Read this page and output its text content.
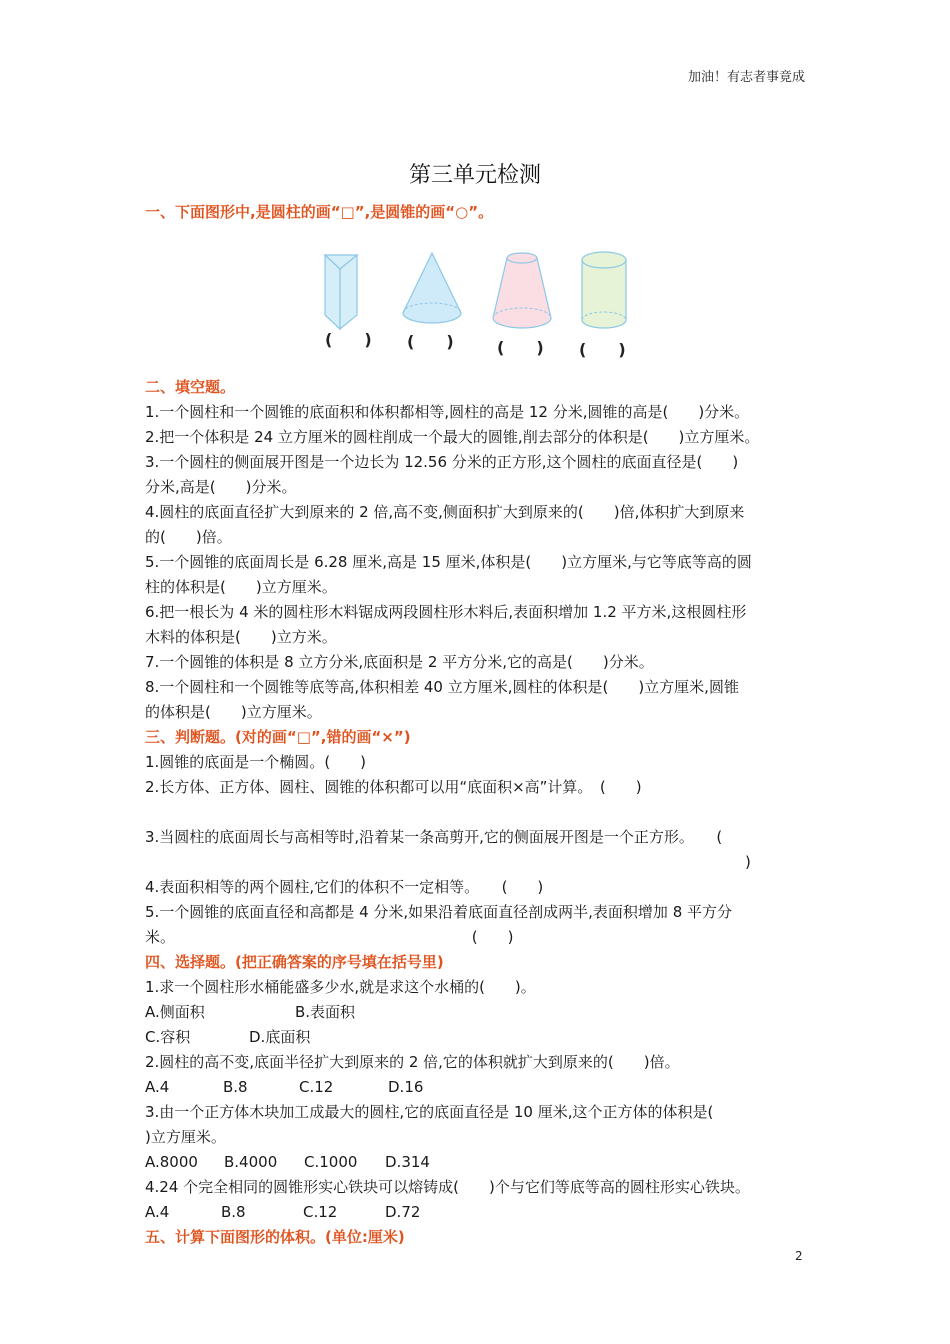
加油！有志者事竟成
第三单元检测
一、下面图形中,是圆柱的画“□”,是圆锥的画“○”。
(　　) (　　)	(　　) (　　)
二、填空题。
1.一个圆柱和一个圆锥的底面积和体积都相等,圆柱的高是 12 分米,圆锥的高是(　　)分米。
2.把一个体积是 24 立方厘米的圆柱削成一个最大的圆锥,削去部分的体积是(　　)立方厘米。
3.一个圆柱的侧面展开图是一个边长为 12.56 分米的正方形,这个圆柱的底面直径是(　　)
分米,高是(　　)分米。
4.圆柱的底面直径扩大到原来的 2 倍,高不变,侧面积扩大到原来的(　　)倍,体积扩大到原来
的(　　)倍。
5.一个圆锥的底面周长是 6.28 厘米,高是 15 厘米,体积是(　　)立方厘米,与它等底等高的圆
柱的体积是(　　)立方厘米。
6.把一根长为 4 米的圆柱形木料锯成两段圆柱形木料后,表面积增加 1.2 平方米,这根圆柱形
木料的体积是(　　)立方米。
7.一个圆锥的体积是 8 立方分米,底面积是 2 平方分米,它的高是(　　)分米。
8.一个圆柱和一个圆锥等底等高,体积相差 40 立方厘米,圆柱的体积是(　　)立方厘米,圆锥
的体积是(　　)立方厘米。
三、判断题。(对的画“□”,错的画“×”)
1.圆锥的底面是一个椭圆。(　　)
2.长方体、正方体、圆柱、圆锥的体积都可以用“底面积×高”计算。　(　　)
3.当圆柱的底面周长与高相等时,沿着某一条高剪开,它的侧面展开图是一个正方形。　　(
)
4.表面积相等的两个圆柱,它们的体积不一定相等。　　(　　)
5.一个圆锥的底面直径和高都是 4 分米,如果沿着底面直径剖成两半,表面积增加 8 平方分
米。	(　　)
四、选择题。(把正确答案的序号填在括号里)
1.求一个圆柱形水桶能盛多少水,就是求这个水桶的(　　)。
A.侧面积	B.表面积
C.容积	D.底面积
2.圆柱的高不变,底面半径扩大到原来的 2 倍,它的体积就扩大到原来的(　　)倍。
A.4	B.8	C.12	D.16
3.由一个正方体木块加工成最大的圆柱,它的底面直径是 10 厘米,这个正方体的体积是(
)立方厘米。
A.8000 B.4000 C.1000 D.314
4.24 个完全相同的圆锥形实心铁块可以熔铸成(　　)个与它们等底等高的圆柱形实心铁块。
A.4	B.8	C.12	D.72
五、计算下面图形的体积。(单位:厘米)
2
